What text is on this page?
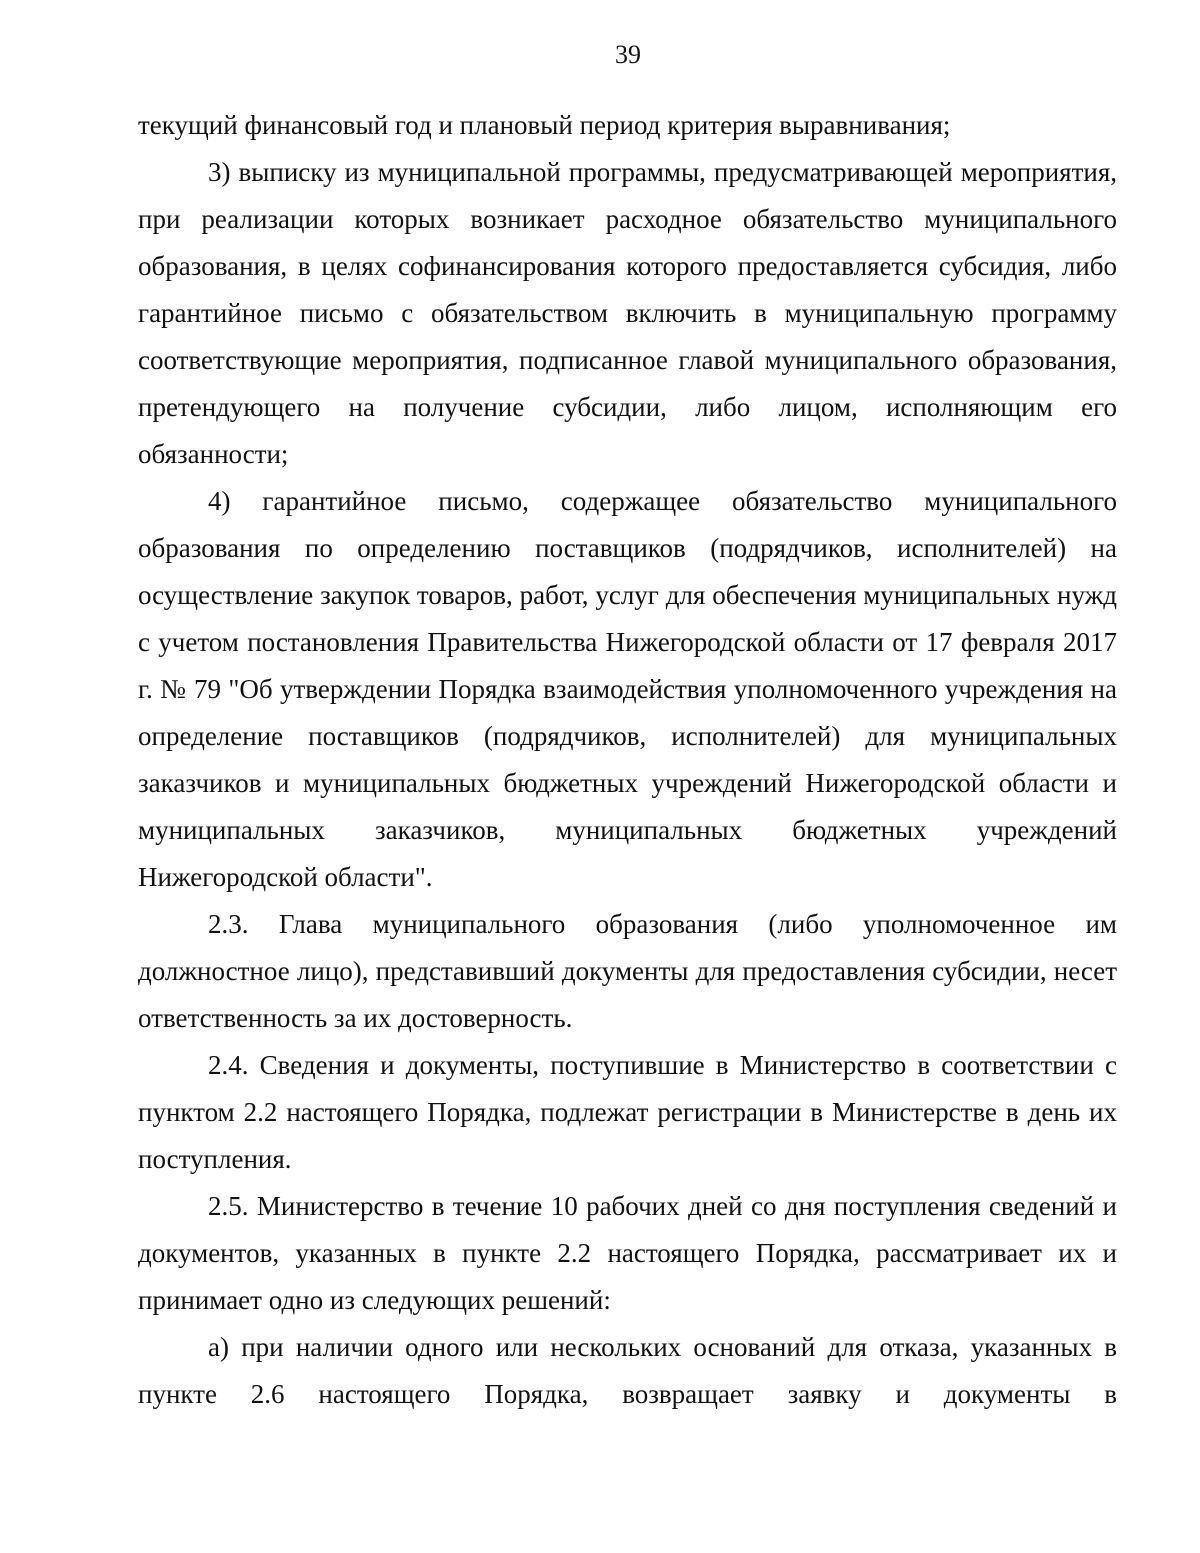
39

текущий финансовый год и плановый период критерия выравнивания;

3) выписку из муниципальной программы, предусматривающей мероприятия, при реализации которых возникает расходное обязательство муниципального образования, в целях софинансирования которого предоставляется субсидия, либо гарантийное письмо с обязательством включить в муниципальную программу соответствующие мероприятия, подписанное главой муниципального образования, претендующего на получение субсидии, либо лицом, исполняющим его обязанности;

4) гарантийное письмо, содержащее обязательство муниципального образования по определению поставщиков (подрядчиков, исполнителей) на осуществление закупок товаров, работ, услуг для обеспечения муниципальных нужд с учетом постановления Правительства Нижегородской области от 17 февраля 2017 г. № 79 "Об утверждении Порядка взаимодействия уполномоченного учреждения на определение поставщиков (подрядчиков, исполнителей) для муниципальных заказчиков и муниципальных бюджетных учреждений Нижегородской области и муниципальных заказчиков, муниципальных бюджетных учреждений Нижегородской области".

2.3. Глава муниципального образования (либо уполномоченное им должностное лицо), представивший документы для предоставления субсидии, несет ответственность за их достоверность.

2.4. Сведения и документы, поступившие в Министерство в соответствии с пунктом 2.2 настоящего Порядка, подлежат регистрации в Министерстве в день их поступления.

2.5. Министерство в течение 10 рабочих дней со дня поступления сведений и документов, указанных в пункте 2.2 настоящего Порядка, рассматривает их и принимает одно из следующих решений:

а) при наличии одного или нескольких оснований для отказа, указанных в пункте 2.6 настоящего Порядка, возвращает заявку и документы в
